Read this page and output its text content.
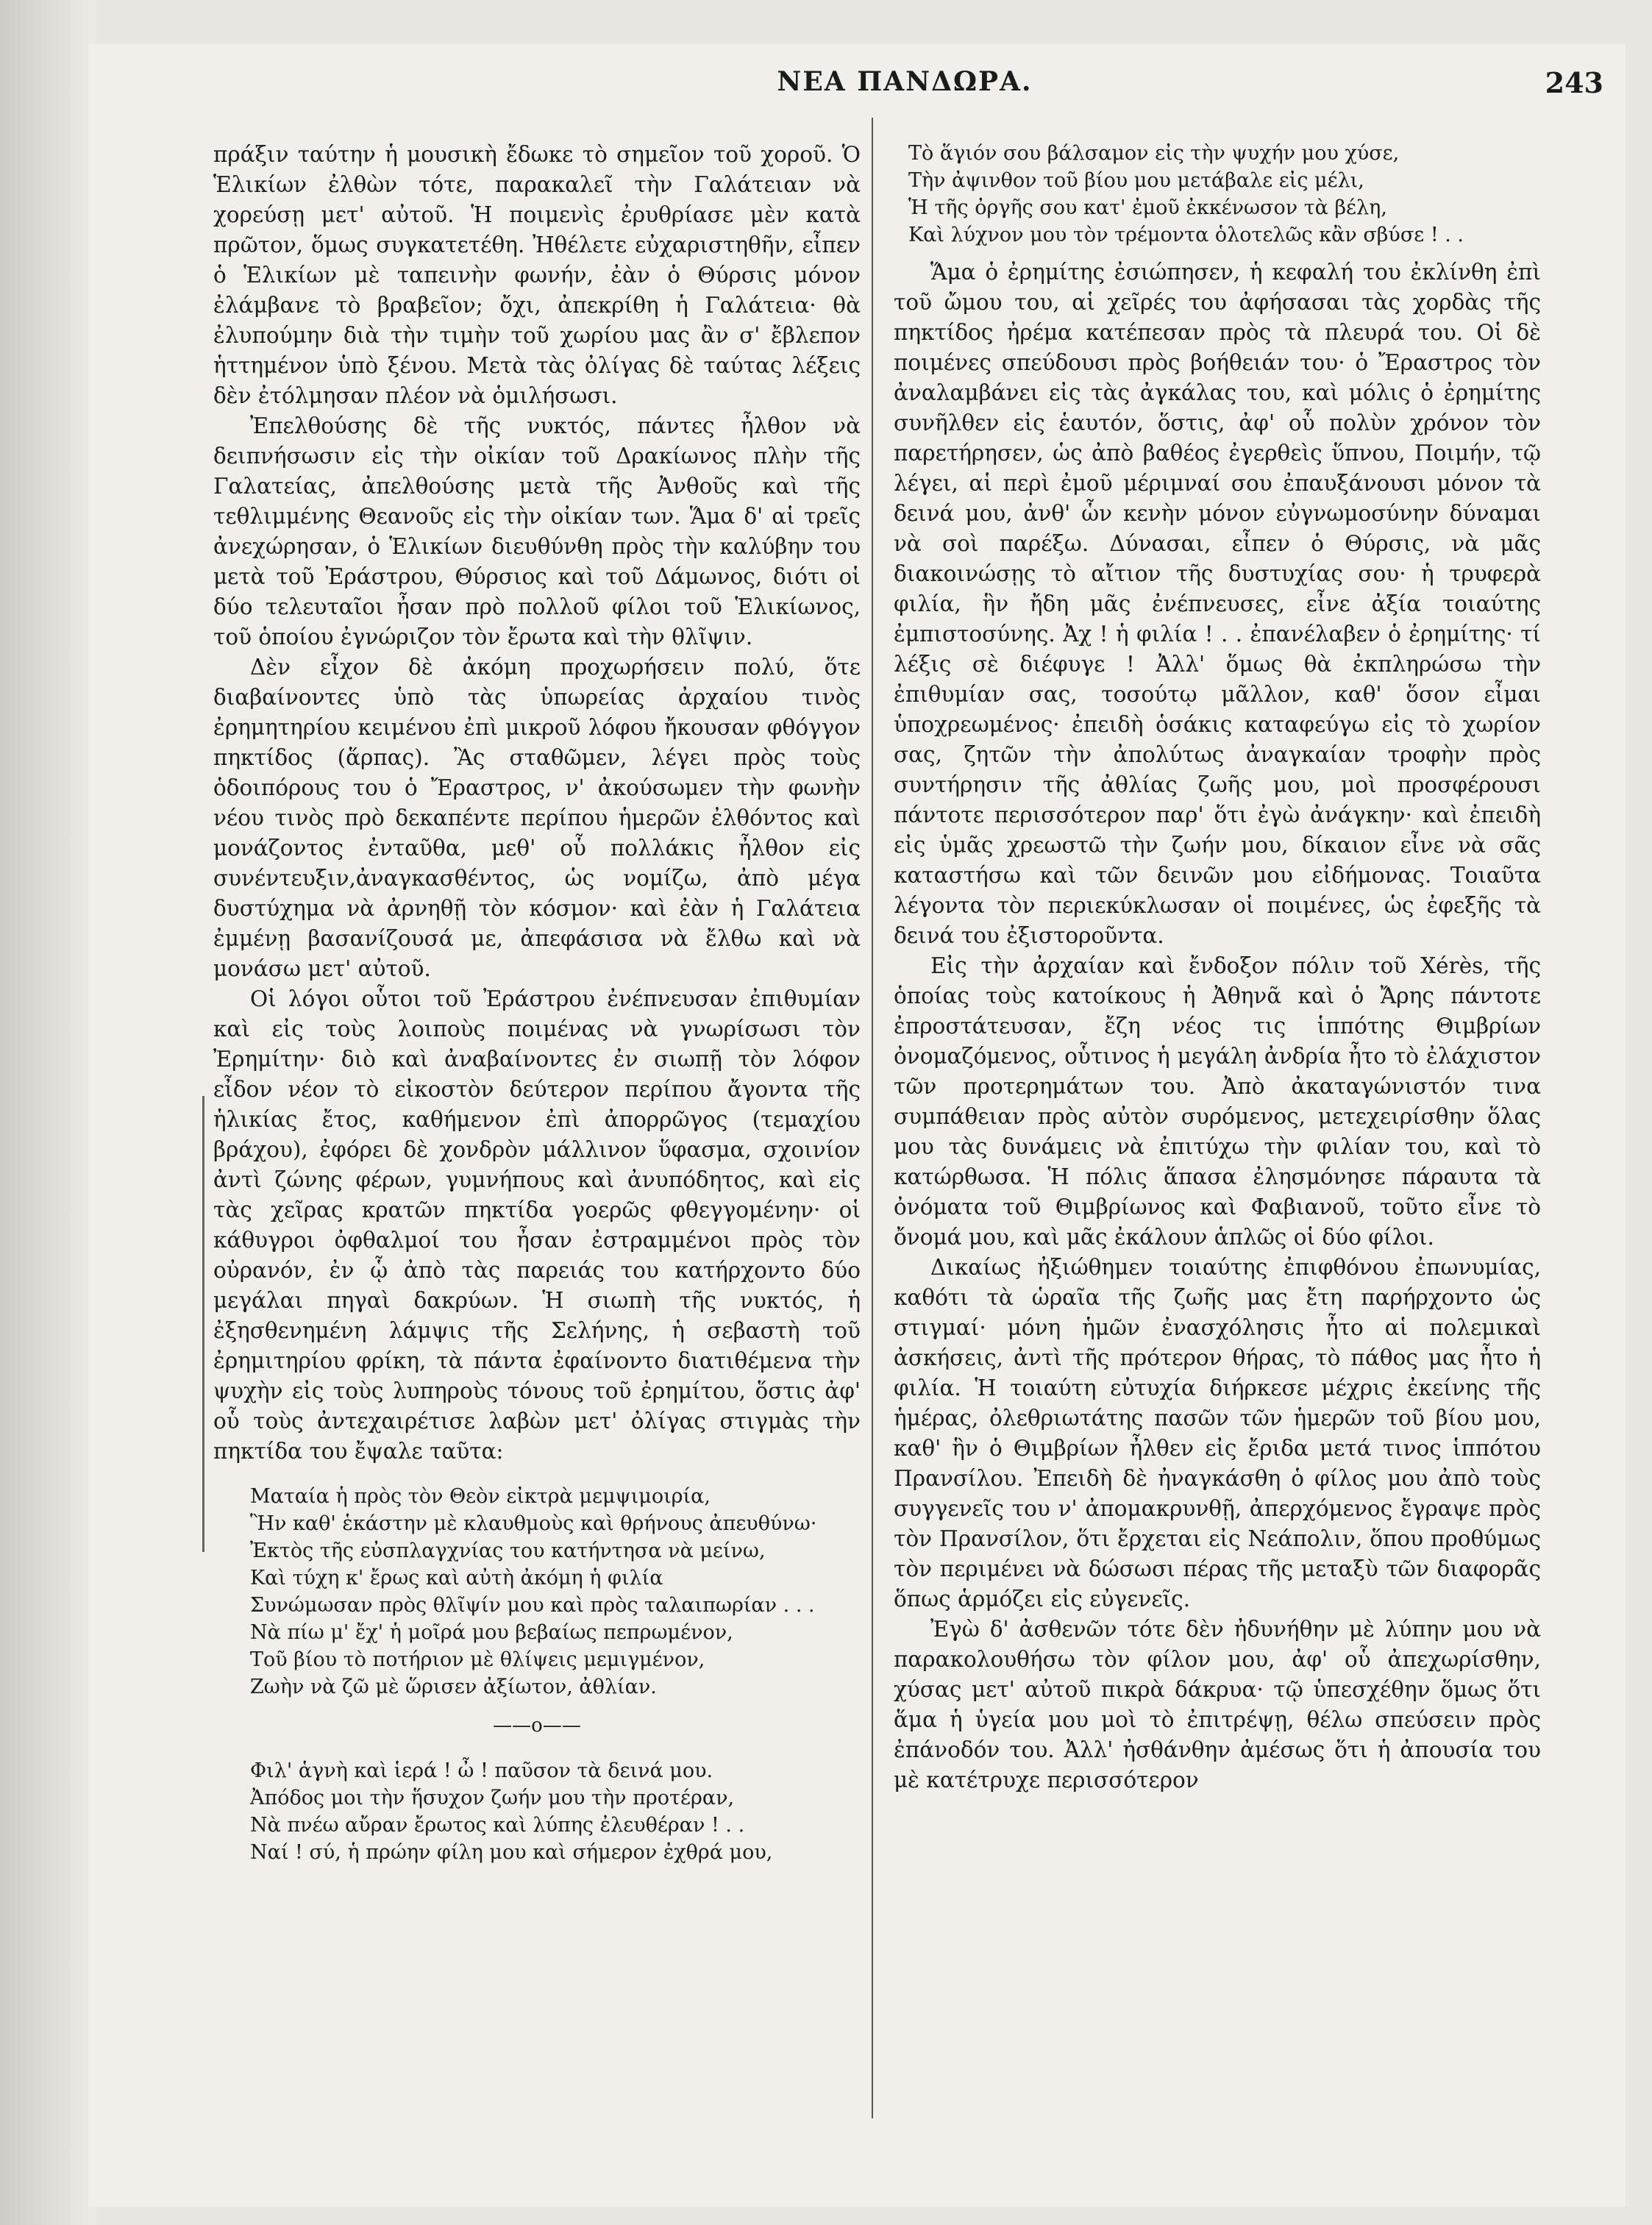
ΝΕΑ ΠΑΝΔΩΡΑ.	243

πράξιν ταύτην ἡ μουσικὴ ἔδωκε τὸ σημεῖον τοῦ χοροῦ. Ὁ Ἑλικίων ἐλθὼν τότε, παρακαλεῖ τὴν Γαλάτειαν νὰ χορεύσῃ μετ' αὐτοῦ. Ἡ ποιμενὶς ἐρυθρίασε μὲν κατὰ πρῶτον, ὅμως συγκατετέθη. Ἠθέλετε εὐχαριστηθῆν, εἶπεν ὁ Ἑλικίων μὲ ταπεινὴν φωνήν, ἐὰν ὁ Θύρσις μόνον ἐλάμβανε τὸ βραβεῖον; ὄχι, ἀπεκρίθη ἡ Γαλάτεια· θὰ ἐλυπούμην διὰ τὴν τιμὴν τοῦ χωρίου μας ἂν σ' ἔβλεπον ἡττημένον ὑπὸ ξένου. Μετὰ τὰς ὀλίγας δὲ ταύτας λέξεις δὲν ἐτόλμησαν πλέον νὰ ὁμιλήσωσι.

Ἐπελθούσης δὲ τῆς νυκτός, πάντες ἦλθον νὰ δειπνήσωσιν εἰς τὴν οἰκίαν τοῦ Δρακίωνος πλὴν τῆς Γαλατείας, ἀπελθούσης μετὰ τῆς Ἀνθοῦς καὶ τῆς τεθλιμμένης Θεανοῦς εἰς τὴν οἰκίαν των. Ἅμα δ' αἱ τρεῖς ἀνεχώρησαν, ὁ Ἑλικίων διευθύνθη πρὸς τὴν καλύβην του μετὰ τοῦ Ἐράστρου, Θύρσιος καὶ τοῦ Δάμωνος, διότι οἱ δύο τελευταῖοι ἦσαν πρὸ πολλοῦ φίλοι τοῦ Ἑλικίωνος, τοῦ ὁποίου ἐγνώριζον τὸν ἔρωτα καὶ τὴν θλῖψιν.

Δὲν εἶχον δὲ ἀκόμη προχωρήσειν πολύ, ὅτε διαβαίνοντες ὑπὸ τὰς ὑπωρείας ἀρχαίου τινὸς ἐρημητηρίου κειμένου ἐπὶ μικροῦ λόφου ἤκουσαν φθόγγον πηκτίδος (ἅρπας). Ἂς σταθῶμεν, λέγει πρὸς τοὺς ὁδοιπόρους του ὁ Ἔραστρος, ν' ἀκούσωμεν τὴν φωνὴν νέου τινὸς πρὸ δεκαπέντε περίπου ἡμερῶν ἐλθόντος καὶ μονάζοντος ἐνταῦθα, μεθ' οὗ πολλάκις ἦλθον εἰς συνέντευξιν,ἀναγκασθέντος, ὡς νομίζω, ἀπὸ μέγα δυστύχημα νὰ ἀρνηθῇ τὸν κόσμον· καὶ ἐὰν ἡ Γαλάτεια ἐμμένῃ βασανίζουσά με, ἀπεφάσισα νὰ ἔλθω καὶ νὰ μονάσω μετ' αὐτοῦ.

Οἱ λόγοι οὗτοι τοῦ Ἐράστρου ἐνέπνευσαν ἐπιθυμίαν καὶ εἰς τοὺς λοιποὺς ποιμένας νὰ γνωρίσωσι τὸν Ἐρημίτην· διὸ καὶ ἀναβαίνοντες ἐν σιωπῇ τὸν λόφον εἶδον νέον τὸ εἰκοστὸν δεύτερον περίπου ἄγοντα τῆς ἡλικίας ἔτος, καθήμενον ἐπὶ ἀπορρῶγος (τεμαχίου βράχου), ἐφόρει δὲ χονδρὸν μάλλινον ὕφασμα, σχοινίον ἀντὶ ζώνης φέρων, γυμνήπους καὶ ἀνυπόδητος, καὶ εἰς τὰς χεῖρας κρατῶν πηκτίδα γοερῶς φθεγγομένην· οἱ κάθυγροι ὀφθαλμοί του ἦσαν ἐστραμμένοι πρὸς τὸν οὐρανόν, ἐν ᾧ ἀπὸ τὰς παρειάς του κατήρχοντο δύο μεγάλαι πηγαὶ δακρύων. Ἡ σιωπὴ τῆς νυκτός, ἡ ἐξησθενημένη λάμψις τῆς Σελήνης, ἡ σεβαστὴ τοῦ ἐρημιτηρίου φρίκη, τὰ πάντα ἐφαίνοντο διατιθέμενα τὴν ψυχὴν εἰς τοὺς λυπηροὺς τόνους τοῦ ἐρημίτου, ὅστις ἀφ' οὗ τοὺς ἀντεχαιρέτισε λαβὼν μετ' ὀλίγας στιγμὰς τὴν πηκτίδα του ἔψαλε ταῦτα:

Ματαία ἡ πρὸς τὸν Θεὸν εἰκτρὰ μεμψιμοιρία,
Ἣν καθ' ἑκάστην μὲ κλαυθμοὺς καὶ θρήνους ἀπευθύνω·
Ἐκτὸς τῆς εὐσπλαγχνίας του κατήντησα νὰ μείνω,
Καὶ τύχη κ' ἔρως καὶ αὐτὴ ἀκόμη ἡ φιλία
Συνώμωσαν πρὸς θλῖψίν μου καὶ πρὸς ταλαιπωρίαν . . .
Νὰ πίω μ' ἔχ' ἡ μοῖρά μου βεβαίως πεπρωμένον,
Τοῦ βίου τὸ ποτήριον μὲ θλίψεις μεμιγμένον,
Ζωὴν νὰ ζῶ μὲ ὥρισεν ἀξίωτον, ἀθλίαν.
——o——
Φιλ' ἁγνὴ καὶ ἱερά ! ὦ ! παῦσον τὰ δεινά μου.
Ἀπόδος μοι τὴν ἥσυχον ζωήν μου τὴν προτέραν,
Νὰ πνέω αὔραν ἔρωτος καὶ λύπης ἐλευθέραν ! . .
Ναί ! σύ, ἡ πρώην φίλη μου καὶ σήμερον ἐχθρά μου,
Τὸ ἅγιόν σου βάλσαμον εἰς τὴν ψυχήν μου χύσε,
Τὴν ἀψινθον τοῦ βίου μου μετάβαλε εἰς μέλι,
Ἡ τῆς ὀργῆς σου κατ' ἐμοῦ ἐκκένωσον τὰ βέλη,
Καὶ λύχνον μου τὸν τρέμοντα ὁλοτελῶς κἂν σβύσε ! . .

Ἅμα ὁ ἐρημίτης ἐσιώπησεν, ἡ κεφαλή του ἐκλίνθη ἐπὶ τοῦ ὤμου του, αἱ χεῖρές του ἀφήσασαι τὰς χορδὰς τῆς πηκτίδος ἠρέμα κατέπεσαν πρὸς τὰ πλευρά του. Οἱ δὲ ποιμένες σπεύδουσι πρὸς βοήθειάν του· ὁ Ἔραστρος τὸν ἀναλαμβάνει εἰς τὰς ἀγκάλας του, καὶ μόλις ὁ ἐρημίτης συνῆλθεν εἰς ἑαυτόν, ὅστις, ἀφ' οὗ πολὺν χρόνον τὸν παρετήρησεν, ὡς ἀπὸ βαθέος ἐγερθεὶς ὕπνου, Ποιμήν, τῷ λέγει, αἱ περὶ ἐμοῦ μέριμναί σου ἐπαυξάνουσι μόνον τὰ δεινά μου, ἀνθ' ὧν κενὴν μόνον εὐγνωμοσύνην δύναμαι νὰ σοὶ παρέξω. Δύνασαι, εἶπεν ὁ Θύρσις, νὰ μᾶς διακοινώσῃς τὸ αἴτιον τῆς δυστυχίας σου· ἡ τρυφερὰ φιλία, ἣν ἤδη μᾶς ἐνέπνευσες, εἶνε ἀξία τοιαύτης ἐμπιστοσύνης. Ἀχ ! ἡ φιλία ! . . ἐπανέλαβεν ὁ ἐρημίτης· τί λέξις σὲ διέφυγε ! Ἀλλ' ὅμως θὰ ἐκπληρώσω τὴν ἐπιθυμίαν σας, τοσούτῳ μᾶλλον, καθ' ὅσον εἶμαι ὑποχρεωμένος· ἐπειδὴ ὁσάκις καταφεύγω εἰς τὸ χωρίον σας, ζητῶν τὴν ἀπολύτως ἀναγκαίαν τροφὴν πρὸς συντήρησιν τῆς ἀθλίας ζωῆς μου, μοὶ προσφέρουσι πάντοτε περισσότερον παρ' ὅτι ἐγὼ ἀνάγκην· καὶ ἐπειδὴ εἰς ὑμᾶς χρεωστῶ τὴν ζωήν μου, δίκαιον εἶνε νὰ σᾶς καταστήσω καὶ τῶν δεινῶν μου εἰδήμονας. Τοιαῦτα λέγοντα τὸν περιεκύκλωσαν οἱ ποιμένες, ὡς ἐφεξῆς τὰ δεινά του ἐξιστοροῦντα.

Εἰς τὴν ἀρχαίαν καὶ ἔνδοξον πόλιν τοῦ Xérès, τῆς ὁποίας τοὺς κατοίκους ἡ Ἀθηνᾶ καὶ ὁ Ἄρης πάντοτε ἐπροστάτευσαν, ἔζη νέος τις ἱππότης Θιμβρίων ὀνομαζόμενος, οὗτινος ἡ μεγάλη ἀνδρία ἦτο τὸ ἐλάχιστον τῶν προτερημάτων του. Ἀπὸ ἀκαταγώνιστόν τινα συμπάθειαν πρὸς αὐτὸν συρόμενος, μετεχειρίσθην ὅλας μου τὰς δυνάμεις νὰ ἐπιτύχω τὴν φιλίαν του, καὶ τὸ κατώρθωσα. Ἡ πόλις ἅπασα ἐλησμόνησε πάραυτα τὰ ὀνόματα τοῦ Θιμβρίωνος καὶ Φαβιανοῦ, τοῦτο εἶνε τὸ ὄνομά μου, καὶ μᾶς ἐκάλουν ἁπλῶς οἱ δύο φίλοι.

Δικαίως ἠξιώθημεν τοιαύτης ἐπιφθόνου ἐπωνυμίας, καθότι τὰ ὡραῖα τῆς ζωῆς μας ἔτη παρήρχοντο ὡς στιγμαί· μόνη ἡμῶν ἐνασχόλησις ἦτο αἱ πολεμικαὶ ἀσκήσεις, ἀντὶ τῆς πρότερον θήρας, τὸ πάθος μας ἦτο ἡ φιλία. Ἡ τοιαύτη εὐτυχία διήρκεσε μέχρις ἐκείνης τῆς ἡμέρας, ὀλεθριωτάτης πασῶν τῶν ἡμερῶν τοῦ βίου μου, καθ' ἣν ὁ Θιμβρίων ἦλθεν εἰς ἔριδα μετά τινος ἱππότου Πρανσίλου. Ἐπειδὴ δὲ ἠναγκάσθη ὁ φίλος μου ἀπὸ τοὺς συγγενεῖς του ν' ἀπομακρυνθῇ, ἀπερχόμενος ἔγραψε πρὸς τὸν Πρανσίλον, ὅτι ἔρχεται εἰς Νεάπολιν, ὅπου προθύμως τὸν περιμένει νὰ δώσωσι πέρας τῆς μεταξὺ τῶν διαφορᾶς ὅπως ἁρμόζει εἰς εὐγενεῖς.

Ἐγὼ δ' ἀσθενῶν τότε δὲν ἠδυνήθην μὲ λύπην μου νὰ παρακολουθήσω τὸν φίλον μου, ἀφ' οὗ ἀπεχωρίσθην, χύσας μετ' αὐτοῦ πικρὰ δάκρυα· τῷ ὑπεσχέθην ὅμως ὅτι ἅμα ἡ ὑγεία μου μοὶ τὸ ἐπιτρέψῃ, θέλω σπεύσειν πρὸς ἐπάνοδόν του. Ἀλλ' ἠσθάνθην ἀμέσως ὅτι ἡ ἀπουσία του μὲ κατέτρυχε περισσότερον
